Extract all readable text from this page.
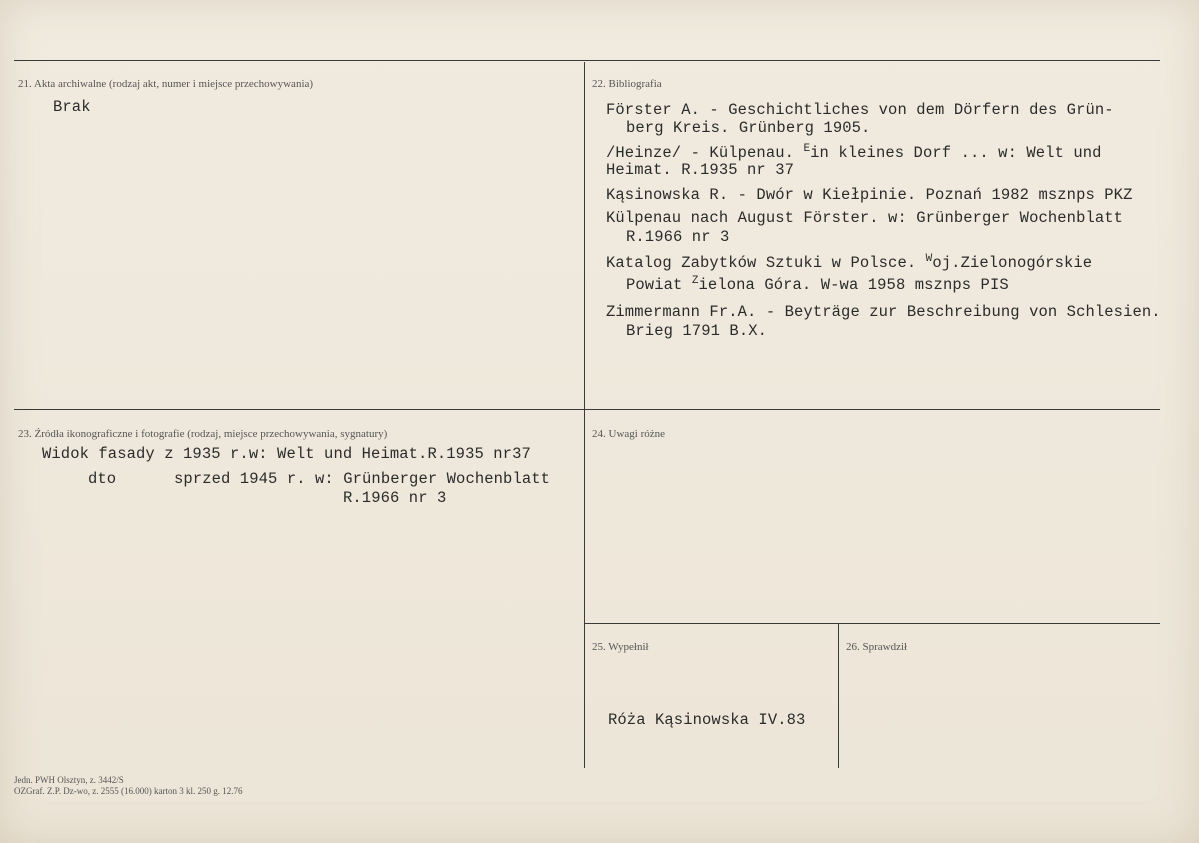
21. Akta archiwalne (rodzaj akt, numer i miejsce przechowywania)
Brak
22. Bibliografia
Förster A. - Geschichtliches von dem Dörfern des Grün-
berg Kreis. Grünberg 1905.
/Heinze/ - Külpenau. $^E$in kleines Dorf ... w: Welt und
Heimat. R.1935 nr 37
Kąsinowska R. - Dwór w Kiełpinie. Poznań 1982 msznps PKZ
Külpenau nach August Förster. w: Grünberger Wochenblatt
R.1966 nr 3
Katalog Zabytków Sztuki w Polsce. $^W$oj.Zielonogórskie
Powiat $^Z$ielona Góra. W-wa 1958 msznps PIS
Zimmermann Fr.A. - Beyträge zur Beschreibung von Schlesien.
Brieg 1791 B.X.
23. Źródła ikonograficzne i fotografie (rodzaj, miejsce przechowywania, sygnatury)
Widok fasady z 1935 r.w: Welt und Heimat.R.1935 nr37
dto	sprzed 1945 r. w: Grünberger Wochenblatt
R.1966 nr 3
24. Uwagi różne
25. Wypełnił
Róża Kąsinowska IV.83
26. Sprawdził
Jedn. PWH Olsztyn, z. 3442/S
OZGraf. Z.P. Dz-wo, z. 2555 (16.000) karton 3 kl. 250 g. 12.76
